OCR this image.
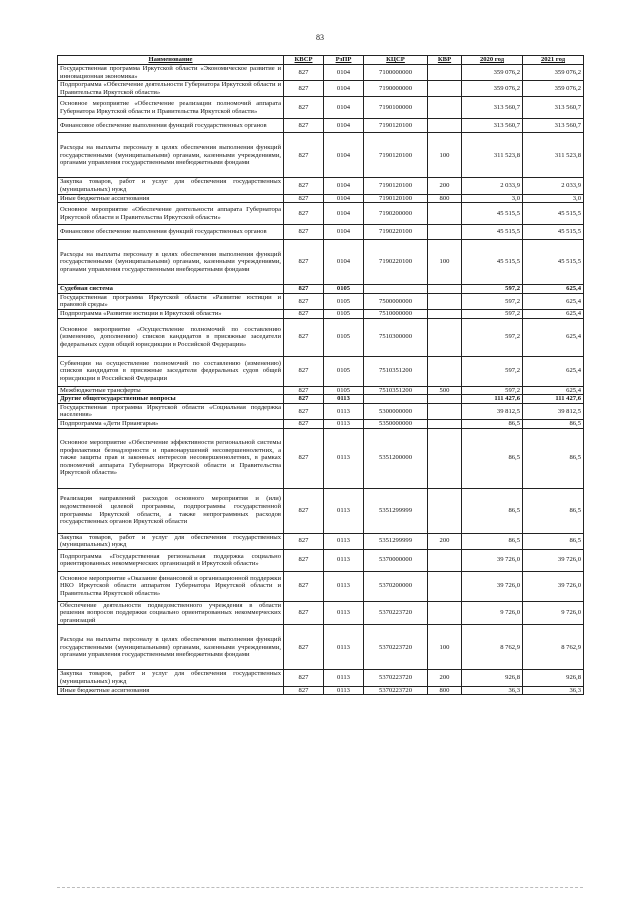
83
Наименование	КВСР	РзПР	КЦСР	КВР	2020 год	2021 год
Государственная программа Иркутской области «Экономическое развитие и инновационная экономика»	827	0104	7100000000		359 076,2	359 076,2
Подпрограмма «Обеспечение деятельности Губернатора Иркутской области и Правительства Иркутской области»	827	0104	7190000000		359 076,2	359 076,2
Основное мероприятие «Обеспечение реализации полномочий аппарата Губернатора Иркутской области и Правительства Иркутской области»	827	0104	7190100000		313 560,7	313 560,7
Финансовое обеспечение выполнения функций государственных органов	827	0104	7190120100		313 560,7	313 560,7
Расходы на выплаты персоналу в целях обеспечения выполнения функций государственными (муниципальными) органами, казенными учреждениями, органами управления государственными внебюджетными фондами	827	0104	7190120100	100	311 523,8	311 523,8
Закупка товаров, работ и услуг для обеспечения государственных (муниципальных) нужд	827	0104	7190120100	200	2 033,9	2 033,9
Иные бюджетные ассигнования	827	0104	7190120100	800	3,0	3,0
Основное мероприятие «Обеспечение деятельности аппарата Губернатора Иркутской области и Правительства Иркутской области»	827	0104	7190200000		45 515,5	45 515,5
Финансовое обеспечение выполнения функций государственных органов	827	0104	7190220100		45 515,5	45 515,5
Расходы на выплаты персоналу в целях обеспечения выполнения функций государственными (муниципальными) органами, казенными учреждениями, органами управления государственными внебюджетными фондами	827	0104	7190220100	100	45 515,5	45 515,5
Судебная система	827	0105			597,2	625,4
Государственная программа Иркутской области «Развитие юстиции и правовой среды»	827	0105	7500000000		597,2	625,4
Подпрограмма «Развитие юстиции в Иркутской области»	827	0105	7510000000		597,2	625,4
Основное мероприятие «Осуществление полномочий по составлению (изменению, дополнению) списков кандидатов в присяжные заседатели федеральных судов общей юрисдикции в Российской Федерации»	827	0105	7510300000		597,2	625,4
Субвенции на осуществление полномочий по составлению (изменению) списков кандидатов в присяжные заседатели федеральных судов общей юрисдикции в Российской Федерации	827	0105	7510351200		597,2	625,4
Межбюджетные трансферты	827	0105	7510351200	500	597,2	625,4
Другие общегосударственные вопросы	827	0113			111 427,6	111 427,6
Государственная программа Иркутской области «Социальная поддержка населения»	827	0113	5300000000		39 812,5	39 812,5
Подпрограмма «Дети Приангарья»	827	0113	5350000000		86,5	86,5
Основное мероприятие «Обеспечение эффективности региональной системы профилактики безнадзорности и правонарушений несовершеннолетних, а также защиты прав и законных интересов несовершеннолетних, в рамках полномочий аппарата Губернатора Иркутской области и Правительства Иркутской области»	827	0113	5351200000		86,5	86,5
Реализация направлений расходов основного мероприятия и (или) ведомственной целевой программы, подпрограммы государственной программы Иркутской области, а также непрограммных расходов государственных органов Иркутской области	827	0113	5351299999		86,5	86,5
Закупка товаров, работ и услуг для обеспечения государственных (муниципальных) нужд	827	0113	5351299999	200	86,5	86,5
Подпрограмма «Государственная региональная поддержка социально ориентированных некоммерческих организаций в Иркутской области»	827	0113	5370000000		39 726,0	39 726,0
Основное мероприятие «Оказание финансовой и организационной поддержки НКО Иркутской области аппаратом Губернатора Иркутской области и Правительства Иркутской области»	827	0113	5370200000		39 726,0	39 726,0
Обеспечение деятельности подведомственного учреждения в области решения вопросов поддержки социально ориентированных некоммерческих организаций	827	0113	5370223720		9 726,0	9 726,0
Расходы на выплаты персоналу в целях обеспечения выполнения функций государственными (муниципальными) органами, казенными учреждениями, органами управления государственными внебюджетными фондами	827	0113	5370223720	100	8 762,9	8 762,9
Закупка товаров, работ и услуг для обеспечения государственных (муниципальных) нужд	827	0113	5370223720	200	926,8	926,8
Иные бюджетные ассигнования	827	0113	5370223720	800	36,3	36,3
